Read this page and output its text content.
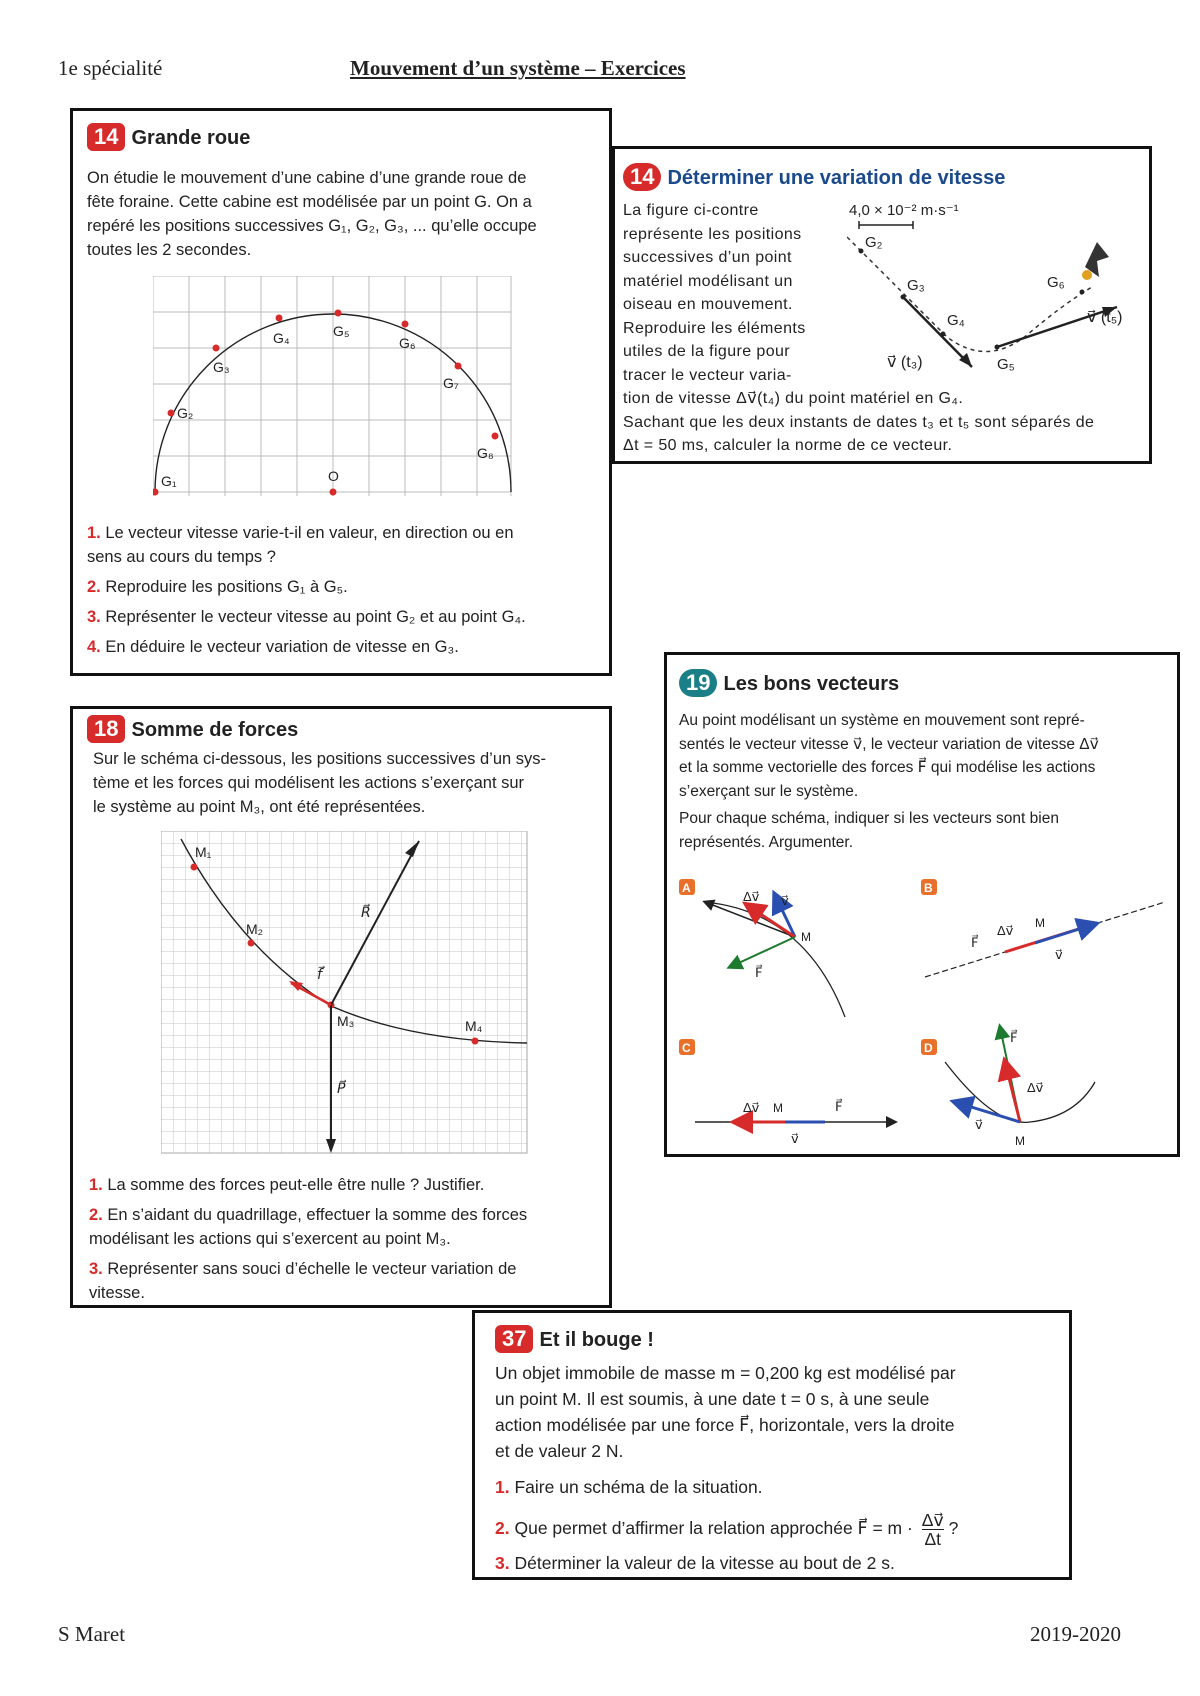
1e spécialité	Mouvement d’un système – Exercices
14 Grande roue
On étudie le mouvement d’une cabine d’une grande roue de
fête foraine. Cette cabine est modélisée par un point G. On a
repéré les positions successives G₁, G₂, G₃, ... qu’elle occupe
toutes les 2 secondes.
G₁
G₂
G₃
G₄	G₅
G₆
G₇
G₈
O
1. Le vecteur vitesse varie-t-il en valeur, en direction ou en
sens au cours du temps ?
2. Reproduire les positions G₁ à G₅.
3. Représenter le vecteur vitesse au point G₂ et au point G₄.
4. En déduire le vecteur variation de vitesse en G₃.
14 Déterminer une variation de vitesse
La figure ci-contre
représente les positions
successives d’un point
matériel modélisant un
oiseau en mouvement.
Reproduire les éléments
utiles de la figure pour
tracer le vecteur varia-
tion de vitesse Δv⃗(t₄) du point matériel en G₄.
Sachant que les deux instants de dates t₃ et t₅ sont séparés de
Δt = 50 ms, calculer la norme de ce vecteur.
4,0 × 10⁻² m·s⁻¹
G₂
G₃
G₄
G₅
G₆
v⃗ (t₃)
v⃗ (t₅)
18 Somme de forces
Sur le schéma ci-dessous, les positions successives d’un sys-
tème et les forces qui modélisent les actions s’exerçant sur
le système au point M₃, ont été représentées.
M₁
M₂
M₃	M₄
R⃗
f⃗
P⃗
1. La somme des forces peut-elle être nulle ? Justifier.
2. En s’aidant du quadrillage, effectuer la somme des forces
modélisant les actions qui s’exercent au point M₃.
3. Représenter sans souci d’échelle le vecteur variation de
vitesse.
19 Les bons vecteurs
Au point modélisant un système en mouvement sont repré-
sentés le vecteur vitesse v⃗, le vecteur variation de vitesse Δv⃗
et la somme vectorielle des forces F⃗ qui modélise les actions
s’exerçant sur le système.
Pour chaque schéma, indiquer si les vecteurs sont bien
représentés. Argumenter.
A
Δv⃗ v⃗
M
F⃗
B
F⃗
Δv⃗ M
v⃗
C
Δv⃗ M	F⃗
v⃗
D
F⃗
Δv⃗
v⃗
M
37 Et il bouge !
Un objet immobile de masse m = 0,200 kg est modélisé par
un point M. Il est soumis, à une date t = 0 s, à une seule
action modélisée par une force F⃗, horizontale, vers la droite
et de valeur 2 N.
1. Faire un schéma de la situation.
2. Que permet d’affirmer la relation approchée F⃗ = $m \cdot \frac{\Delta v⃗}{\Delta t}$ ?
3. Déterminer la valeur de la vitesse au bout de 2 s.
S Maret	2019-2020
